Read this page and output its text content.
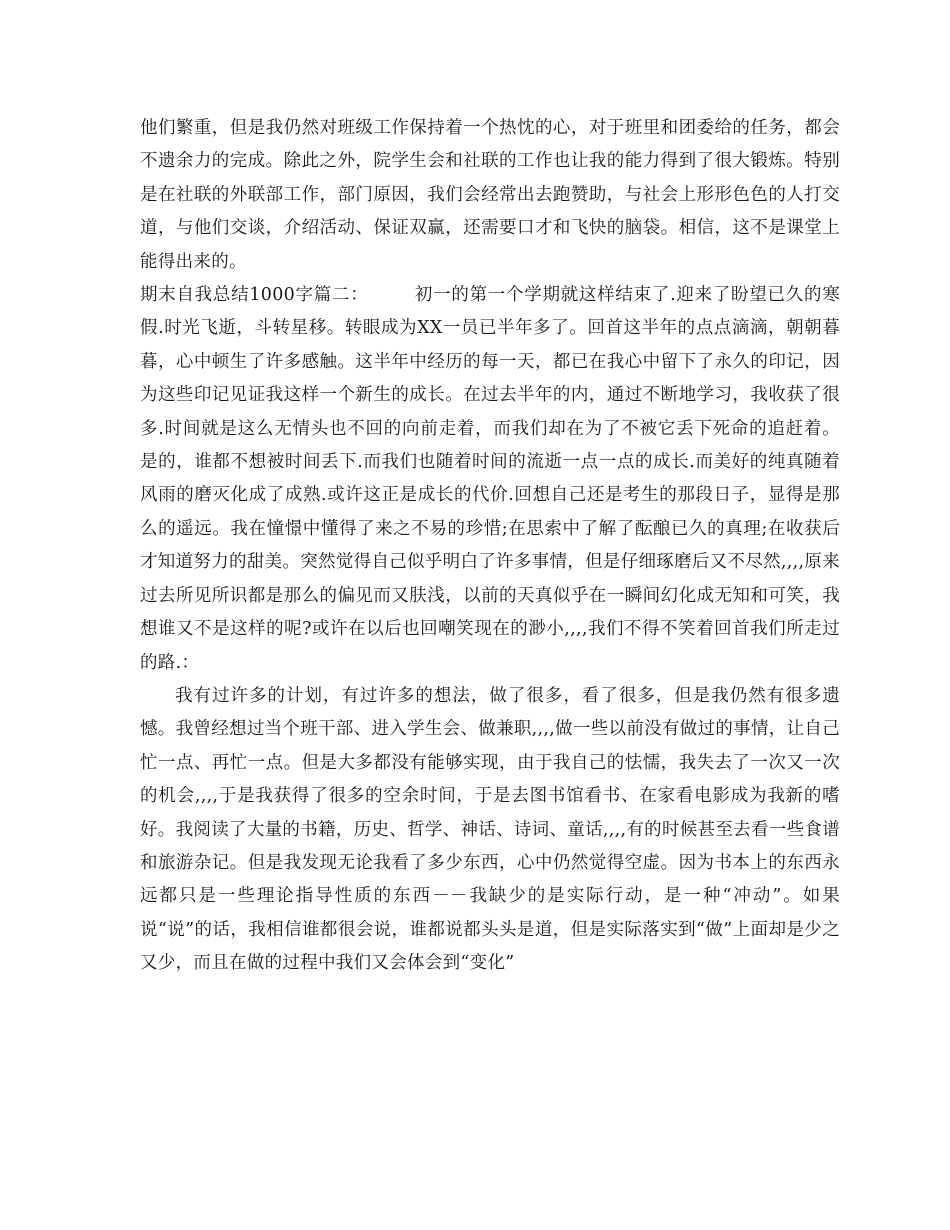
他们繁重，但是我仍然对班级工作保持着一个热忱的心，对于班里和团委给的任务，都会不遗余力的完成。除此之外，院学生会和社联的工作也让我的能力得到了很大锻炼。特别是在社联的外联部工作，部门原因，我们会经常出去跑赞助，与社会上形形色色的人打交道，与他们交谈，介绍活动、保证双赢，还需要口才和飞快的脑袋。相信，这不是课堂上能得出来的。

期末自我总结1000字篇二：	初一的第一个学期就这样结束了.迎来了盼望已久的寒假.时光飞逝，斗转星移。转眼成为XX一员已半年多了。回首这半年的点点滴滴，朝朝暮暮，心中顿生了许多感触。这半年中经历的每一天，都已在我心中留下了永久的印记，因为这些印记见证我这样一个新生的成长。在过去半年的内，通过不断地学习，我收获了很多.时间就是这么无情头也不回的向前走着，而我们却在为了不被它丢下死命的追赶着。是的，谁都不想被时间丢下.而我们也随着时间的流逝一点一点的成长.而美好的纯真随着风雨的磨灭化成了成熟.或许这正是成长的代价.回想自己还是考生的那段日子，显得是那么的遥远。我在憧憬中懂得了来之不易的珍惜;在思索中了解了酝酿已久的真理;在收获后才知道努力的甜美。突然觉得自己似乎明白了许多事情，但是仔细琢磨后又不尽然,,,,原来过去所见所识都是那么的偏见而又肤浅，以前的天真似乎在一瞬间幻化成无知和可笑，我想谁又不是这样的呢?或许在以后也回嘲笑现在的渺小,,,,我们不得不笑着回首我们所走过的路.：

我有过许多的计划，有过许多的想法，做了很多，看了很多，但是我仍然有很多遗憾。我曾经想过当个班干部、进入学生会、做兼职,,,,做一些以前没有做过的事情，让自己忙一点、再忙一点。但是大多都没有能够实现，由于我自己的怯懦，我失去了一次又一次的机会,,,,于是我获得了很多的空余时间，于是去图书馆看书、在家看电影成为我新的嗜好。我阅读了大量的书籍，历史、哲学、神话、诗词、童话,,,,有的时候甚至去看一些食谱和旅游杂记。但是我发现无论我看了多少东西，心中仍然觉得空虚。因为书本上的东西永远都只是一些理论指导性质的东西－－我缺少的是实际行动，是一种“冲动”。如果说“说”的话，我相信谁都很会说，谁都说都头头是道，但是实际落实到“做”上面却是少之又少，而且在做的过程中我们又会体会到“变化”
